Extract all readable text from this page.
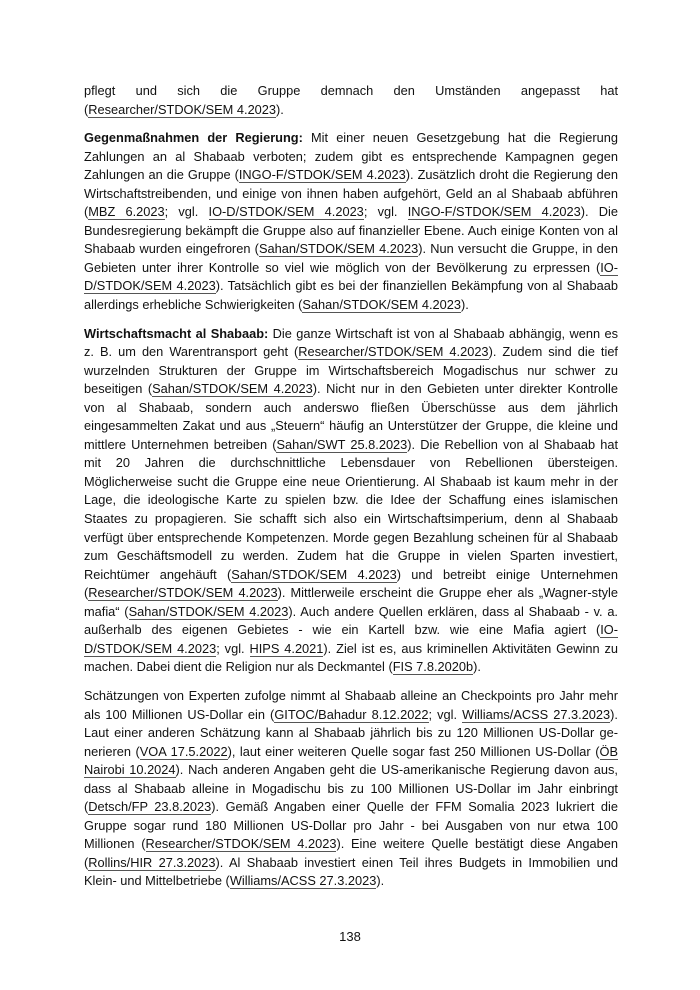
pflegt und sich die Gruppe demnach den Umständen angepasst hat (Researcher/STDOK/SEM 4.2023).

Gegenmaßnahmen der Regierung: Mit einer neuen Gesetzgebung hat die Regierung Zahlungen an al Shabaab verboten; zudem gibt es entsprechende Kampagnen gegen Zahlungen an die Gruppe (INGO-F/STDOK/SEM 4.2023). Zusätzlich droht die Regierung den Wirtschaftstreibenden, und einige von ihnen haben aufgehört, Geld an al Shabaab abführen (MBZ 6.2023; vgl. IO-D/STDOK/SEM 4.2023; vgl. INGO-F/STDOK/SEM 4.2023). Die Bundesregierung bekämpft die Gruppe also auf finanzieller Ebene. Auch einige Konten von al Shabaab wurden eingefroren (Sahan/STDOK/SEM 4.2023). Nun versucht die Gruppe, in den Gebieten unter ihrer Kontrolle so viel wie möglich von der Bevölkerung zu erpressen (IO-D/STDOK/SEM 4.2023). Tatsächlich gibt es bei der finanziellen Bekämpfung von al Shabaab allerdings erhebliche Schwierigkeiten (Sahan/STDOK/SEM 4.2023).

Wirtschaftsmacht al Shabaab: Die ganze Wirtschaft ist von al Shabaab abhängig, wenn es z. B. um den Warentransport geht (Researcher/STDOK/SEM 4.2023). Zudem sind die tief wurzelnden Strukturen der Gruppe im Wirtschaftsbereich Mogadischus nur schwer zu beseitigen (Sahan/STDOK/SEM 4.2023). Nicht nur in den Gebieten unter direkter Kontrolle von al Shabaab, sondern auch anderswo fließen Überschüsse aus dem jährlich eingesammelten Zakat und aus „Steuern“ häufig an Unterstützer der Gruppe, die kleine und mittlere Unternehmen betreiben (Sahan/SWT 25.8.2023). Die Rebellion von al Shabaab hat mit 20 Jahren die durchschnittliche Lebensdauer von Rebellionen übersteigen. Möglicherweise sucht die Gruppe eine neue Orientierung. Al Shabaab ist kaum mehr in der Lage, die ideologische Karte zu spielen bzw. die Idee der Schaffung eines islamischen Staates zu propagieren. Sie schafft sich also ein Wirtschaftsimperium, denn al Shabaab verfügt über entsprechende Kompetenzen. Morde gegen Bezahlung scheinen für al Shabaab zum Geschäftsmodell zu werden. Zudem hat die Gruppe in vielen Sparten investiert, Reichtümer angehäuft (Sahan/STDOK/SEM 4.2023) und betreibt einige Unternehmen (Researcher/STDOK/SEM 4.2023). Mittlerweile erscheint die Gruppe eher als „Wagner-style mafia“ (Sahan/STDOK/SEM 4.2023). Auch andere Quellen erklären, dass al Shabaab - v. a. außerhalb des eigenen Gebietes - wie ein Kartell bzw. wie eine Mafia agiert (IO-D/STDOK/SEM 4.2023; vgl. HIPS 4.2021). Ziel ist es, aus kriminellen Aktivitäten Gewinn zu machen. Dabei dient die Religion nur als Deckmantel (FIS 7.8.2020b).

Schätzungen von Experten zufolge nimmt al Shabaab alleine an Checkpoints pro Jahr mehr als 100 Millionen US-Dollar ein (GITOC/Bahadur 8.12.2022; vgl. Williams/ACSS 27.3.2023). Laut einer anderen Schätzung kann al Shabaab jährlich bis zu 120 Millionen US-Dollar generieren (VOA 17.5.2022), laut einer weiteren Quelle sogar fast 250 Millionen US-Dollar (ÖB Nairobi 10.2024). Nach anderen Angaben geht die US-amerikanische Regierung davon aus, dass al Shabaab alleine in Mogadischu bis zu 100 Millionen US-Dollar im Jahr einbringt (Detsch/FP 23.8.2023). Gemäß Angaben einer Quelle der FFM Somalia 2023 lukriert die Gruppe sogar rund 180 Millionen US-Dollar pro Jahr - bei Ausgaben von nur etwa 100 Millionen (Researcher/STDOK/SEM 4.2023). Eine weitere Quelle bestätigt diese Angaben (Rollins/HIR 27.3.2023). Al Shabaab investiert einen Teil ihres Budgets in Immobilien und Klein- und Mittelbetriebe (Williams/ACSS 27.3.2023).

138
